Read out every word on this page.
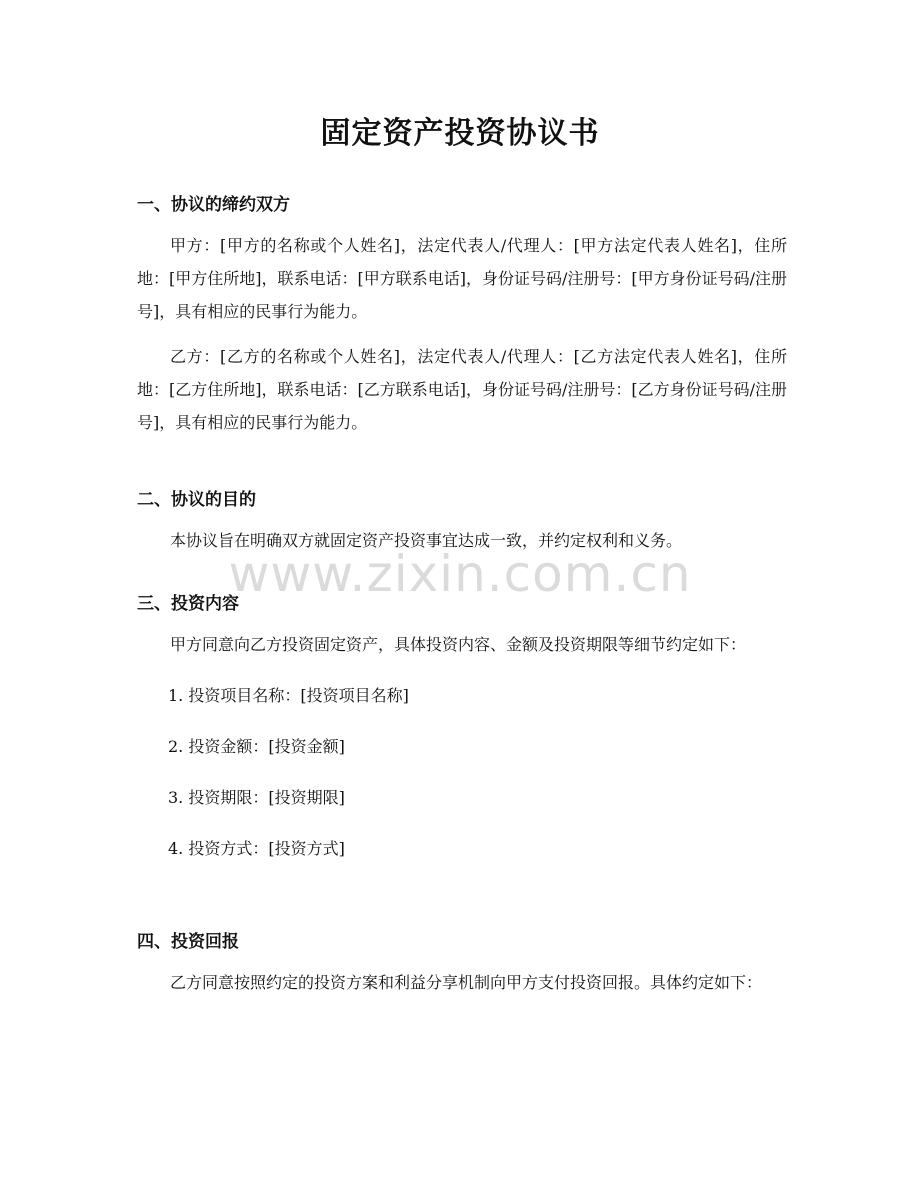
固定资产投资协议书
一、协议的缔约双方

甲方：[甲方的名称或个人姓名]，法定代表人/代理人：[甲方法定代表人姓名]，住所地：[甲方住所地]，联系电话：[甲方联系电话]，身份证号码/注册号：[甲方身份证号码/注册号]，具有相应的民事行为能力。

乙方：[乙方的名称或个人姓名]，法定代表人/代理人：[乙方法定代表人姓名]，住所地：[乙方住所地]，联系电话：[乙方联系电话]，身份证号码/注册号：[乙方身份证号码/注册号]，具有相应的民事行为能力。

二、协议的目的

本协议旨在明确双方就固定资产投资事宜达成一致，并约定权利和义务。

三、投资内容

甲方同意向乙方投资固定资产，具体投资内容、金额及投资期限等细节约定如下：

1. 投资项目名称：[投资项目名称]

2. 投资金额：[投资金额]

3. 投资期限：[投资期限]

4. 投资方式：[投资方式]

四、投资回报

乙方同意按照约定的投资方案和利益分享机制向甲方支付投资回报。具体约定如下：

www.zixin.com.cn
